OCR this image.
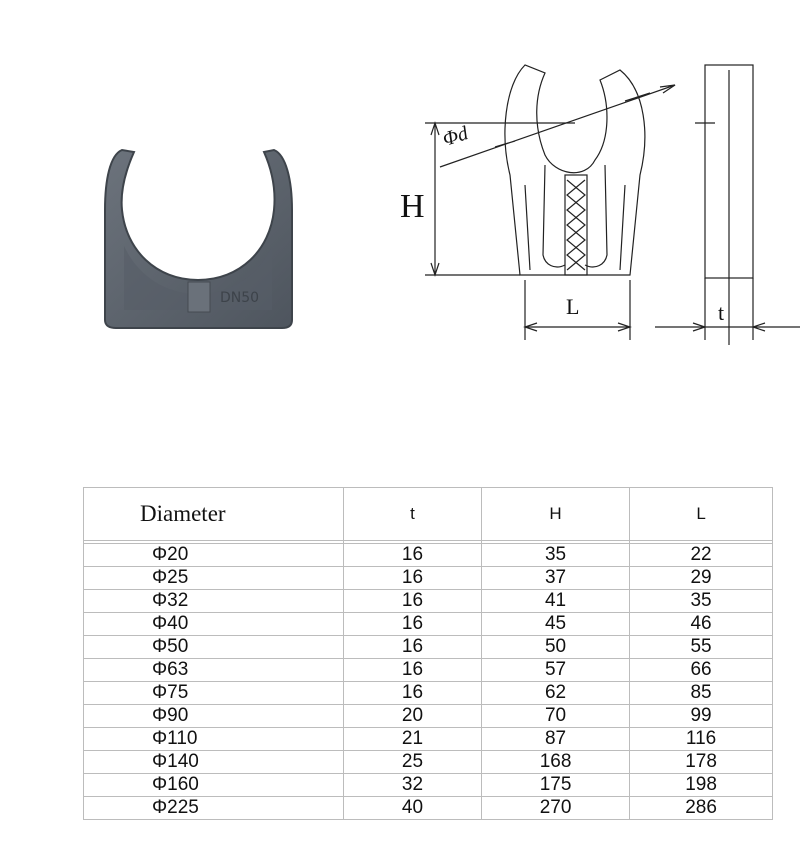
DN50
H
L	t
Φd
Diameter	t	H	L

Φ20	16	35	22
Φ25	16	37	29
Φ32	16	41	35
Φ40	16	45	46
Φ50	16	50	55
Φ63	16	57	66
Φ75	16	62	85
Φ90	20	70	99
Φ110	21	87	116
Φ140	25	168	178
Φ160	32	175	198
Φ225	40	270	286
